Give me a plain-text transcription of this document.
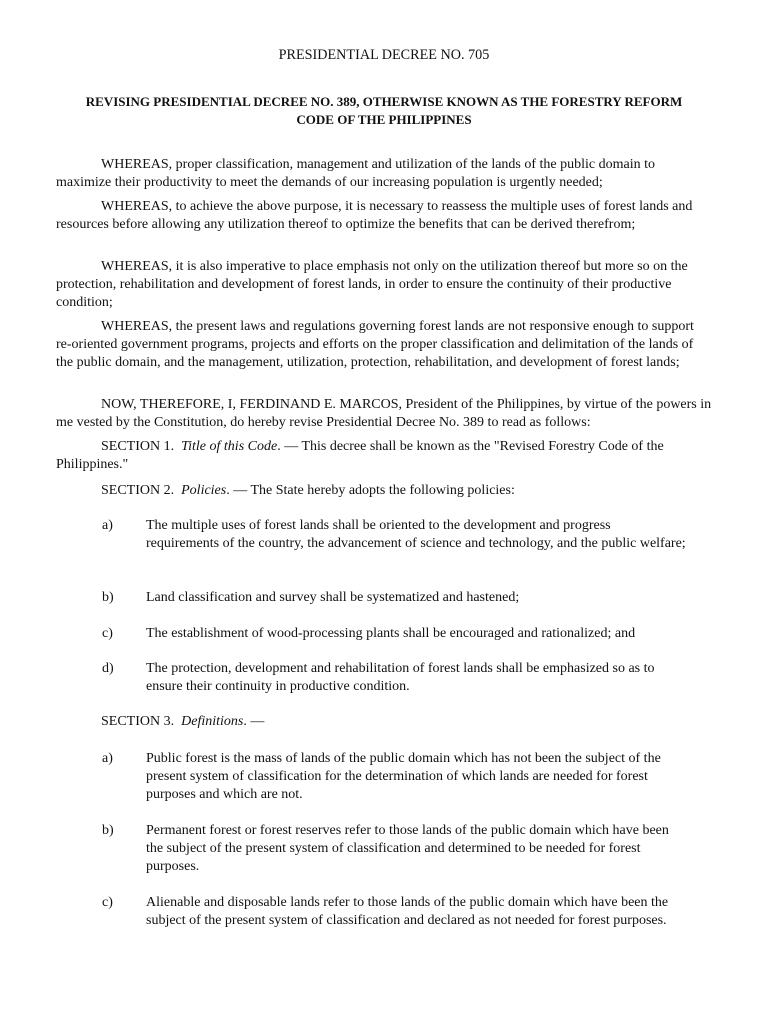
PRESIDENTIAL DECREE NO. 705
REVISING PRESIDENTIAL DECREE NO. 389, OTHERWISE KNOWN AS THE FORESTRY REFORM
CODE OF THE PHILIPPINES

WHEREAS, proper classification, management and utilization of the lands of the public domain to maximize their productivity to meet the demands of our increasing population is urgently needed;

WHEREAS, to achieve the above purpose, it is necessary to reassess the multiple uses of forest lands and resources before allowing any utilization thereof to optimize the benefits that can be derived therefrom;

WHEREAS, it is also imperative to place emphasis not only on the utilization thereof but more so on the protection, rehabilitation and development of forest lands, in order to ensure the continuity of their productive condition;

WHEREAS, the present laws and regulations governing forest lands are not responsive enough to support re-oriented government programs, projects and efforts on the proper classification and delimitation of the lands of the public domain, and the management, utilization, protection, rehabilitation, and development of forest lands;

NOW, THEREFORE, I, FERDINAND E. MARCOS, President of the Philippines, by virtue of the powers in me vested by the Constitution, do hereby revise Presidential Decree No. 389 to read as follows:

SECTION 1. Title of this Code. — This decree shall be known as the "Revised Forestry Code of the Philippines."

SECTION 2. Policies. — The State hereby adopts the following policies:

a) The multiple uses of forest lands shall be oriented to the development and progress requirements of the country, the advancement of science and technology, and the public welfare;
b) Land classification and survey shall be systematized and hastened;
c) The establishment of wood-processing plants shall be encouraged and rationalized; and
d) The protection, development and rehabilitation of forest lands shall be emphasized so as to ensure their continuity in productive condition.

SECTION 3. Definitions. —

a) Public forest is the mass of lands of the public domain which has not been the subject of the present system of classification for the determination of which lands are needed for forest purposes and which are not.
b) Permanent forest or forest reserves refer to those lands of the public domain which have been the subject of the present system of classification and determined to be needed for forest purposes.
c) Alienable and disposable lands refer to those lands of the public domain which have been the subject of the present system of classification and declared as not needed for forest purposes.
